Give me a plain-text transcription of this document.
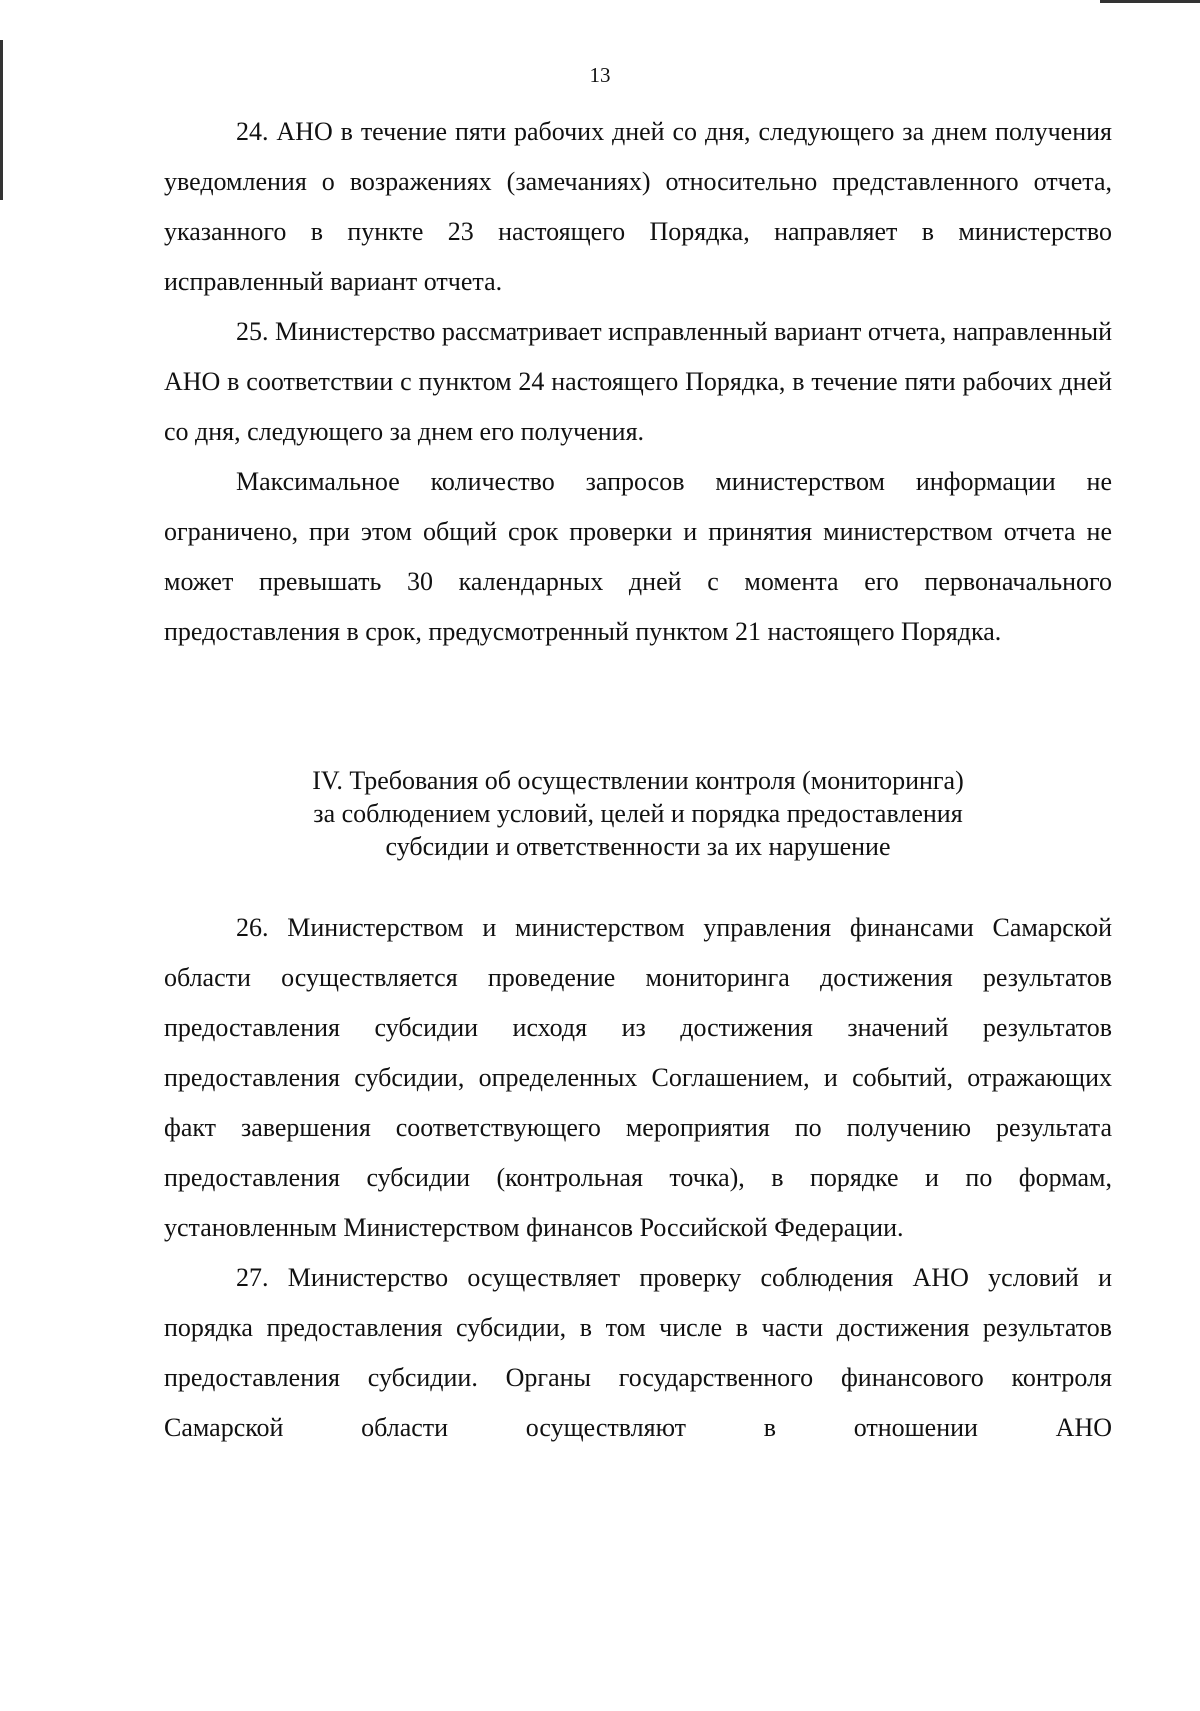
13

24. АНО в течение пяти рабочих дней со дня, следующего за днем получения уведомления о возражениях (замечаниях) относительно представленного отчета, указанного в пункте 23 настоящего Порядка, направляет в министерство исправленный вариант отчета.

25. Министерство рассматривает исправленный вариант отчета, направленный АНО в соответствии с пунктом 24 настоящего Порядка, в течение пяти рабочих дней со дня, следующего за днем его получения.

Максимальное количество запросов министерством информации не ограничено, при этом общий срок проверки и принятия министерством отчета не может превышать 30 календарных дней с момента его первоначального предоставления в срок, предусмотренный пунктом 21 настоящего Порядка.

IV. Требования об осуществлении контроля (мониторинга)
за соблюдением условий, целей и порядка предоставления
субсидии и ответственности за их нарушение

26. Министерством и министерством управления финансами Самарской области осуществляется проведение мониторинга достижения результатов предоставления субсидии исходя из достижения значений результатов предоставления субсидии, определенных Соглашением, и событий, отражающих факт завершения соответствующего мероприятия по получению результата предоставления субсидии (контрольная точка), в порядке и по формам, установленным Министерством финансов Российской Федерации.

27. Министерство осуществляет проверку соблюдения АНО условий и порядка предоставления субсидии, в том числе в части достижения результатов предоставления субсидии. Органы государственного финансового контроля Самарской области осуществляют в отношении АНО
